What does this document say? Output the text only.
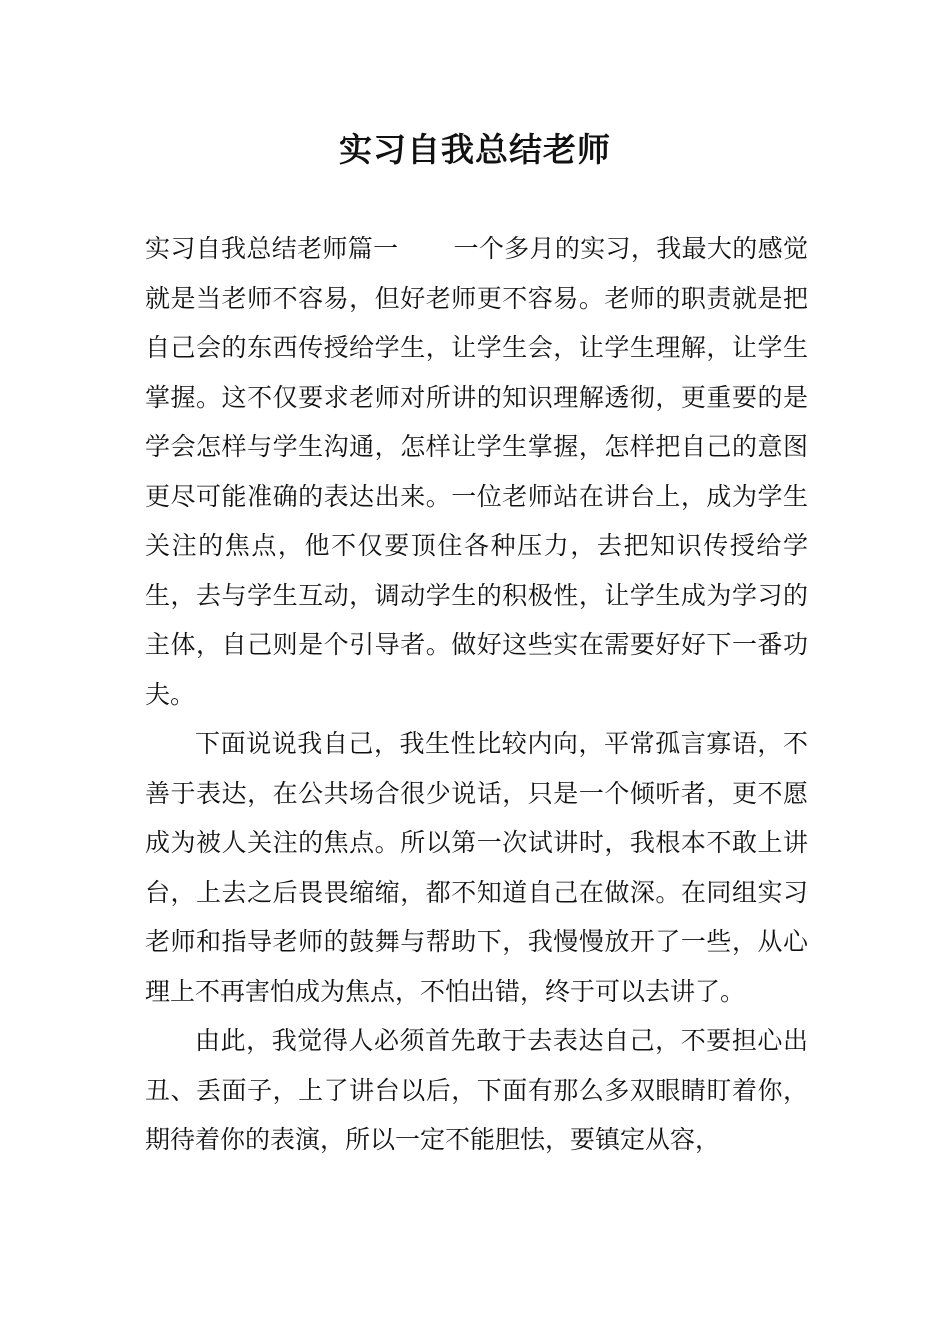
实习自我总结老师

实习自我总结老师篇一 一个多月的实习，我最大的感觉就是当老师不容易，但好老师更不容易。老师的职责就是把自己会的东西传授给学生，让学生会，让学生理解，让学生掌握。这不仅要求老师对所讲的知识理解透彻，更重要的是学会怎样与学生沟通，怎样让学生掌握，怎样把自己的意图更尽可能准确的表达出来。一位老师站在讲台上，成为学生关注的焦点，他不仅要顶住各种压力，去把知识传授给学生，去与学生互动，调动学生的积极性，让学生成为学习的主体，自己则是个引导者。做好这些实在需要好好下一番功夫。

下面说说我自己，我生性比较内向，平常孤言寡语，不善于表达，在公共场合很少说话，只是一个倾听者，更不愿成为被人关注的焦点。所以第一次试讲时，我根本不敢上讲台，上去之后畏畏缩缩，都不知道自己在做深。在同组实习老师和指导老师的鼓舞与帮助下，我慢慢放开了一些，从心理上不再害怕成为焦点，不怕出错，终于可以去讲了。

由此，我觉得人必须首先敢于去表达自己，不要担心出丑、丢面子，上了讲台以后，下面有那么多双眼睛盯着你，期待着你的表演，所以一定不能胆怯，要镇定从容，
